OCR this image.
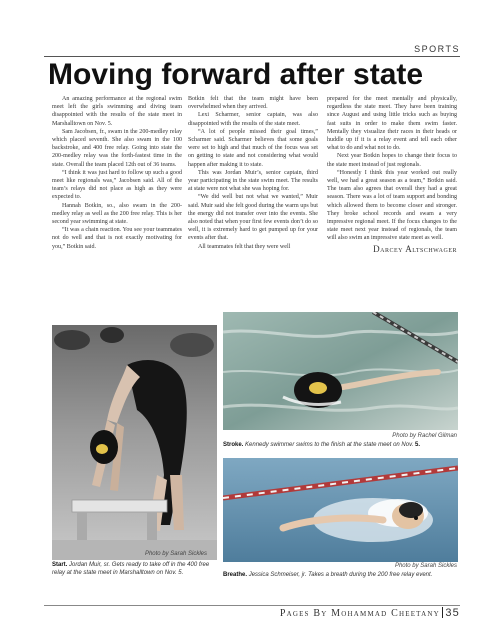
SPORTS
Moving forward after state

An amazing performance at the regional swim meet left the girls swimming and diving team disappointed with the results of the state meet in Marshalltown on Nov. 5.

Sam Jacobsen, fr., swam in the 200-medley relay which placed seventh. She also swam in the 100 backstroke, and 400 free relay. Going into state the 200-medley relay was the forth-fastest time in the state. Overall the team placed 12th out of 36 teams.

“I think it was just hard to follow up such a good meet like regionals was,” Jacobsen said. All of the team’s relays did not place as high as they were expected to.

Hannah Botkin, so., also swam in the 200- medley relay as well as the 200 free relay. This is her second year swimming at state.

“It was a chain reaction. You see your teammates not do well and that is not exactly motivating for you,” Botkin said.

Botkin felt that the team might have been overwhelmed when they arrived.

Lexi Scharmer, senior captain, was also disappointed with the results of the state meet.

“A lot of people missed their goal times,” Scharmer said. Scharmer believes that some goals were set to high and that much of the focus was set on getting to state and not considering what would happen after making it to state.

This was Jordan Muir’s, senior captain, third year participating in the state swim meet. The results at state were not what she was hoping for.

“We did well but not what we wanted,” Muir said. Muir said she felt good during the warm ups but the energy did not transfer over into the events. She also noted that when your first few events don’t do so well, it is extremely hard to get pumped up for your events after that.

All teammates felt that they were well

prepared for the meet mentally and physically, regardless the state meet. They have been training since August and using little tricks such as buying fast suits in order to make them swim faster. Mentally they visualize their races in their heads or huddle up if it is a relay event and tell each other what to do and what not to do.

Next year Botkin hopes to change their focus to the state meet instead of just regionals.

“Honestly I think this year worked out really well, we had a great season as a team,” Botkin said. The team also agrees that overall they had a great season. There was a lot of team support and bonding which allowed them to become closer and stronger. They broke school records and swam a very impressive regional meet. If the focus changes to the state meet next year instead of regionals, the team will also swim an impressive state meet as well.

Darcey Altschwager
Photo by Sarah Sickles
Start. Jordan Muir, sr. Gets ready to take off in the 400 free relay at the state meet in Marshalltown on Nov. 5.
Photo by Rachel Gilman
Stroke. Kennedy swimmer swims to the finish at the state meet on Nov. 5.
Photo by Sarah Sickles
Breathe. Jessica Schmeiser, jr. Takes a breath during the 200 free relay event.
Pages By Mohammad Cheetany 35
